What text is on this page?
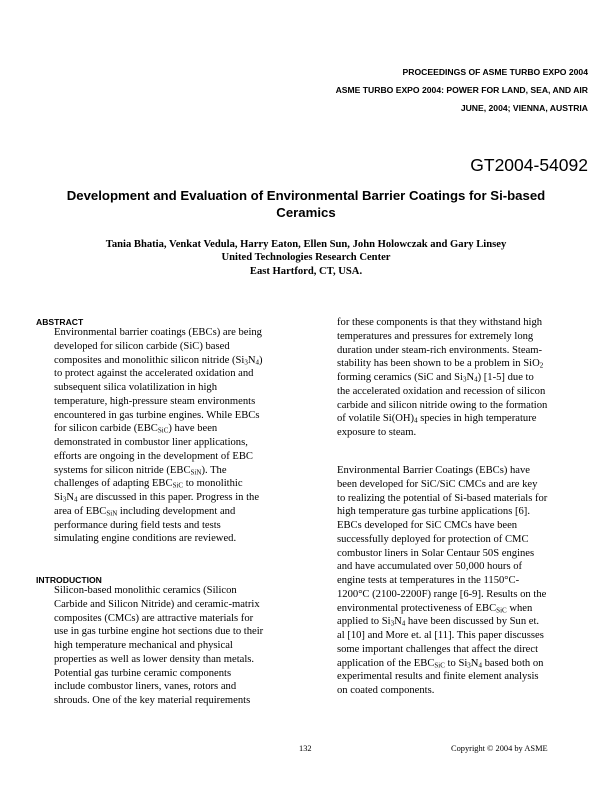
PROCEEDINGS OF ASME TURBO EXPO 2004
ASME TURBO EXPO 2004: POWER FOR LAND, SEA, AND AIR
JUNE, 2004; VIENNA, AUSTRIA
GT2004-54092
Development and Evaluation of Environmental Barrier Coatings for Si-based
Ceramics
Tania Bhatia, Venkat Vedula, Harry Eaton, Ellen Sun, John Holowczak and Gary Linsey
United Technologies Research Center
East Hartford, CT, USA.
ABSTRACT
Environmental barrier coatings (EBCs) are being
developed for silicon carbide (SiC) based
composites and monolithic silicon nitride $(Si_3N_4)$
to protect against the accelerated oxidation and
subsequent silica volatilization in high
temperature, high-pressure steam environments
encountered in gas turbine engines. While EBCs
for silicon carbide $(EBC_{SiC})$ have been
demonstrated in combustor liner applications,
efforts are ongoing in the development of EBC
systems for silicon nitride $(EBC_{SiN})$. The
challenges of adapting $EBC_{SiC}$ to monolithic
$Si_3N_4$ are discussed in this paper. Progress in the
area of $EBC_{SiN}$ including development and
performance during field tests and tests
simulating engine conditions are reviewed.
INTRODUCTION
Silicon-based monolithic ceramics (Silicon
Carbide and Silicon Nitride) and ceramic-matrix
composites (CMCs) are attractive materials for
use in gas turbine engine hot sections due to their
high temperature mechanical and physical
properties as well as lower density than metals.
Potential gas turbine ceramic components
include combustor liners, vanes, rotors and
shrouds. One of the key material requirements
for these components is that they withstand high
temperatures and pressures for extremely long
duration under steam-rich environments. Steam-
stability has been shown to be a problem in SiO$_2$
forming ceramics (SiC and $Si_3N_4$) [1-5] due to
the accelerated oxidation and recession of silicon
carbide and silicon nitride owing to the formation
of volatile $Si(OH)_4$ species in high temperature
exposure to steam.
Environmental Barrier Coatings (EBCs) have
been developed for SiC/SiC CMCs and are key
to realizing the potential of Si-based materials for
high temperature gas turbine applications [6].
EBCs developed for SiC CMCs have been
successfully deployed for protection of CMC
combustor liners in Solar Centaur 50S engines
and have accumulated over 50,000 hours of
engine tests at temperatures in the 1150°C-
1200°C (2100-2200F) range [6-9]. Results on the
environmental protectiveness of $EBC_{SiC}$ when
applied to $Si_3N_4$ have been discussed by Sun et.
al [10] and More et. al [11]. This paper discusses
some important challenges that affect the direct
application of the $EBC_{SiC}$ to $Si_3N_4$ based both on
experimental results and finite element analysis
on coated components.
132	Copyright © 2004 by ASME
